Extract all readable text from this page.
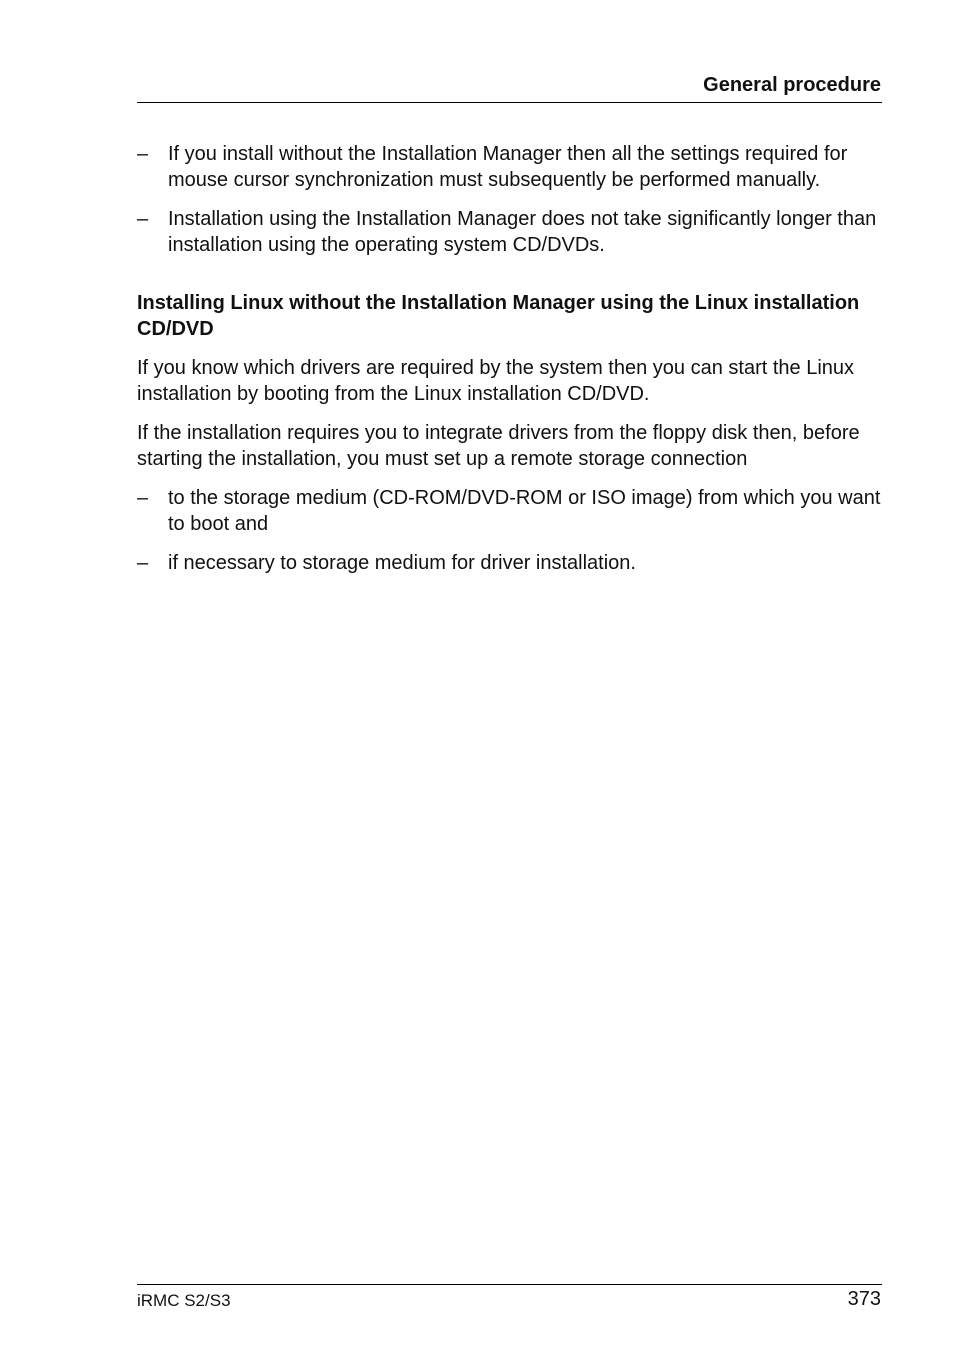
General procedure
– If you install without the Installation Manager then all the settings required for mouse cursor synchronization must subsequently be performed manually.
– Installation using the Installation Manager does not take significantly longer than installation using the operating system CD/DVDs.
Installing Linux without the Installation Manager using the Linux installation CD/DVD
If you know which drivers are required by the system then you can start the Linux installation by booting from the Linux installation CD/DVD.
If the installation requires you to integrate drivers from the floppy disk then, before starting the installation, you must set up a remote storage connection
– to the storage medium (CD-ROM/DVD-ROM or ISO image) from which you want to boot and
– if necessary to storage medium for driver installation.
iRMC S2/S3	373
